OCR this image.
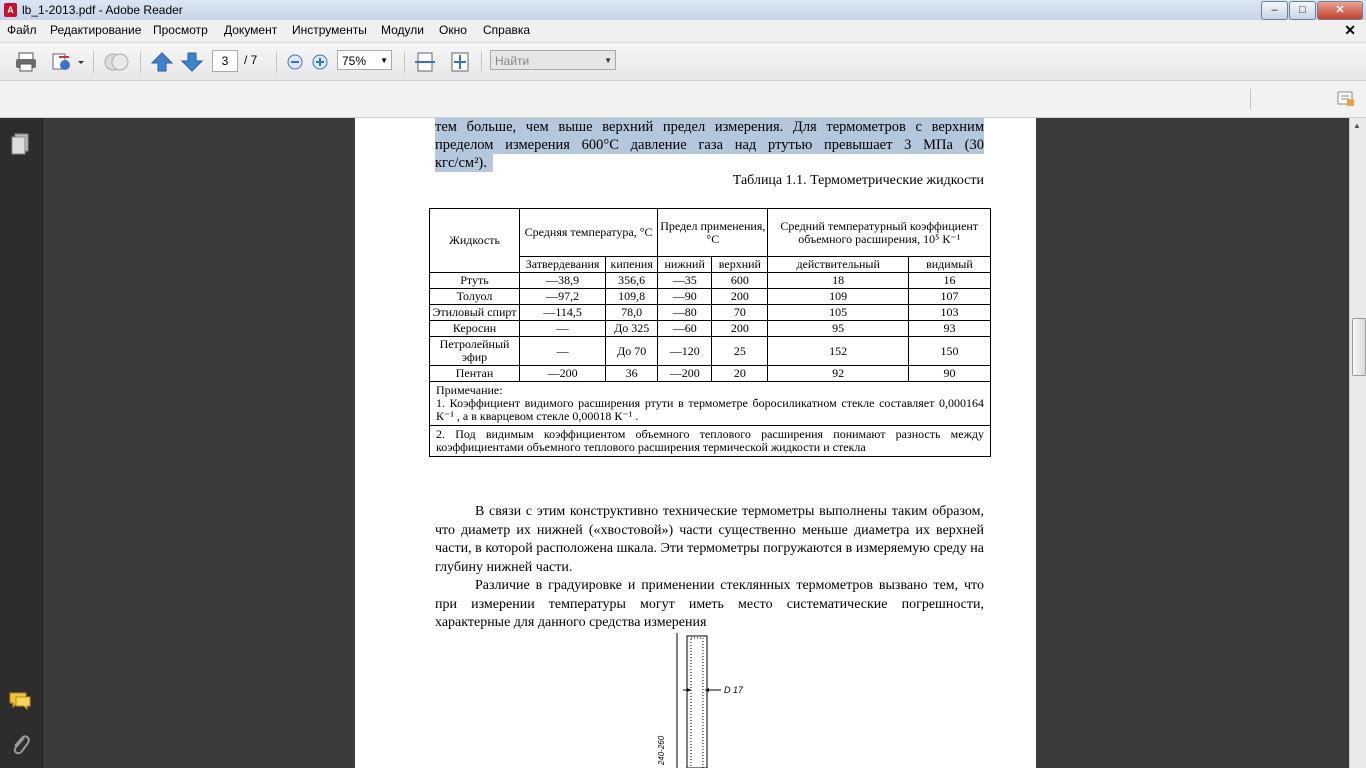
A lb_1-2013.pdf - Adobe Reader	‒	□	✕
Файл Редактирование Просмотр Документ Инструменты Модули Окно Справка	✕
3	/ 7	75% ▼	Найти	▼
тем больше, чем выше верхний предел измерения. Для термометров с верхним
пределом измерения 600°С давление газа над ртутью превышает 3 МПа (30
кгс/см²).
Таблица 1.1. Термометрические жидкости
Жидкость	Средняя температура, °С		Предел применения, °С		Средний температурный коэффициент объемного расширения, 10⁵ К⁻¹	
	Затвердевания	кипения	нижний	верхний	действительный	видимый
Ртуть	—38,9	356,6	—35	600	18	16
Толуол	—97,2	109,8	—90	200	109	107
Этиловый спирт	—114,5	78,0	—80	70	105	103
Керосин	—	До 325	—60	200	95	93
Петролейный эфир	—	До 70	—120	25	152	150
Пентан	—200	36	—200	20	92	90

Примечание:
1. Коэффициент видимого расширения ртути в термометре боросиликатном стекле составляет 0,000164 К⁻¹ , а в кварцевом стекле 0,00018 К⁻¹ .						

2. Под видимым коэффициентом объемного теплового расширения понимают разность между коэффициентами объемного теплового расширения термической жидкости и стекла						
В связи с этим конструктивно технические термометры выполнены таким образом, что диаметр их нижней («хвостовой») части существенно меньше диаметра их верхней части, в которой расположена шкала. Эти термометры погружаются в измеряемую среду на глубину нижней части.
Различие в градуировке и применении стеклянных термометров вызвано тем, что при измерении температуры могут иметь место систематические погрешности, характерные для данного средства измерения
D 17
240-260
▲
